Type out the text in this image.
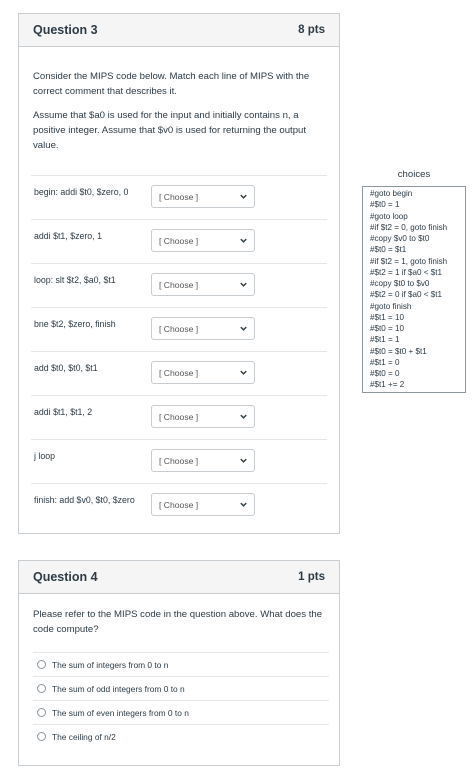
Question 3	8 pts
Consider the MIPS code below. Match each line of MIPS with the correct comment that describes it.
Assume that $a0 is used for the input and initially contains n, a positive integer. Assume that $v0 is used for returning the output value.
begin: addi $t0, $zero, 0	[ Choose ]
addi $t1, $zero, 1	[ Choose ]
loop: slt $t2, $a0, $t1	[ Choose ]
bne $t2, $zero, finish	[ Choose ]
add $t0, $t0, $t1	[ Choose ]
addi $t1, $t1, 2	[ Choose ]
j loop	[ Choose ]
finish: add $v0, $t0, $zero	[ Choose ]
choices
#goto begin
#$t0 = 1
#goto loop
#if $t2 = 0, goto finish
#copy $v0 to $t0
#$t0 = $t1
#if $t2 = 1, goto finish
#$t2 = 1 if $a0 < $t1
#copy $t0 to $v0
#$t2 = 0 if $a0 < $t1
#goto finish
#$t1 = 10
#$t0 = 10
#$t1 = 1
#$t0 = $t0 + $t1
#$t1 = 0
#$t0 = 0
#$t1 += 2
Question 4	1 pts
Please refer to the MIPS code in the question above. What does the code compute?
The sum of integers from 0 to n
The sum of odd integers from 0 to n
The sum of even integers from 0 to n
The ceiling of n/2
